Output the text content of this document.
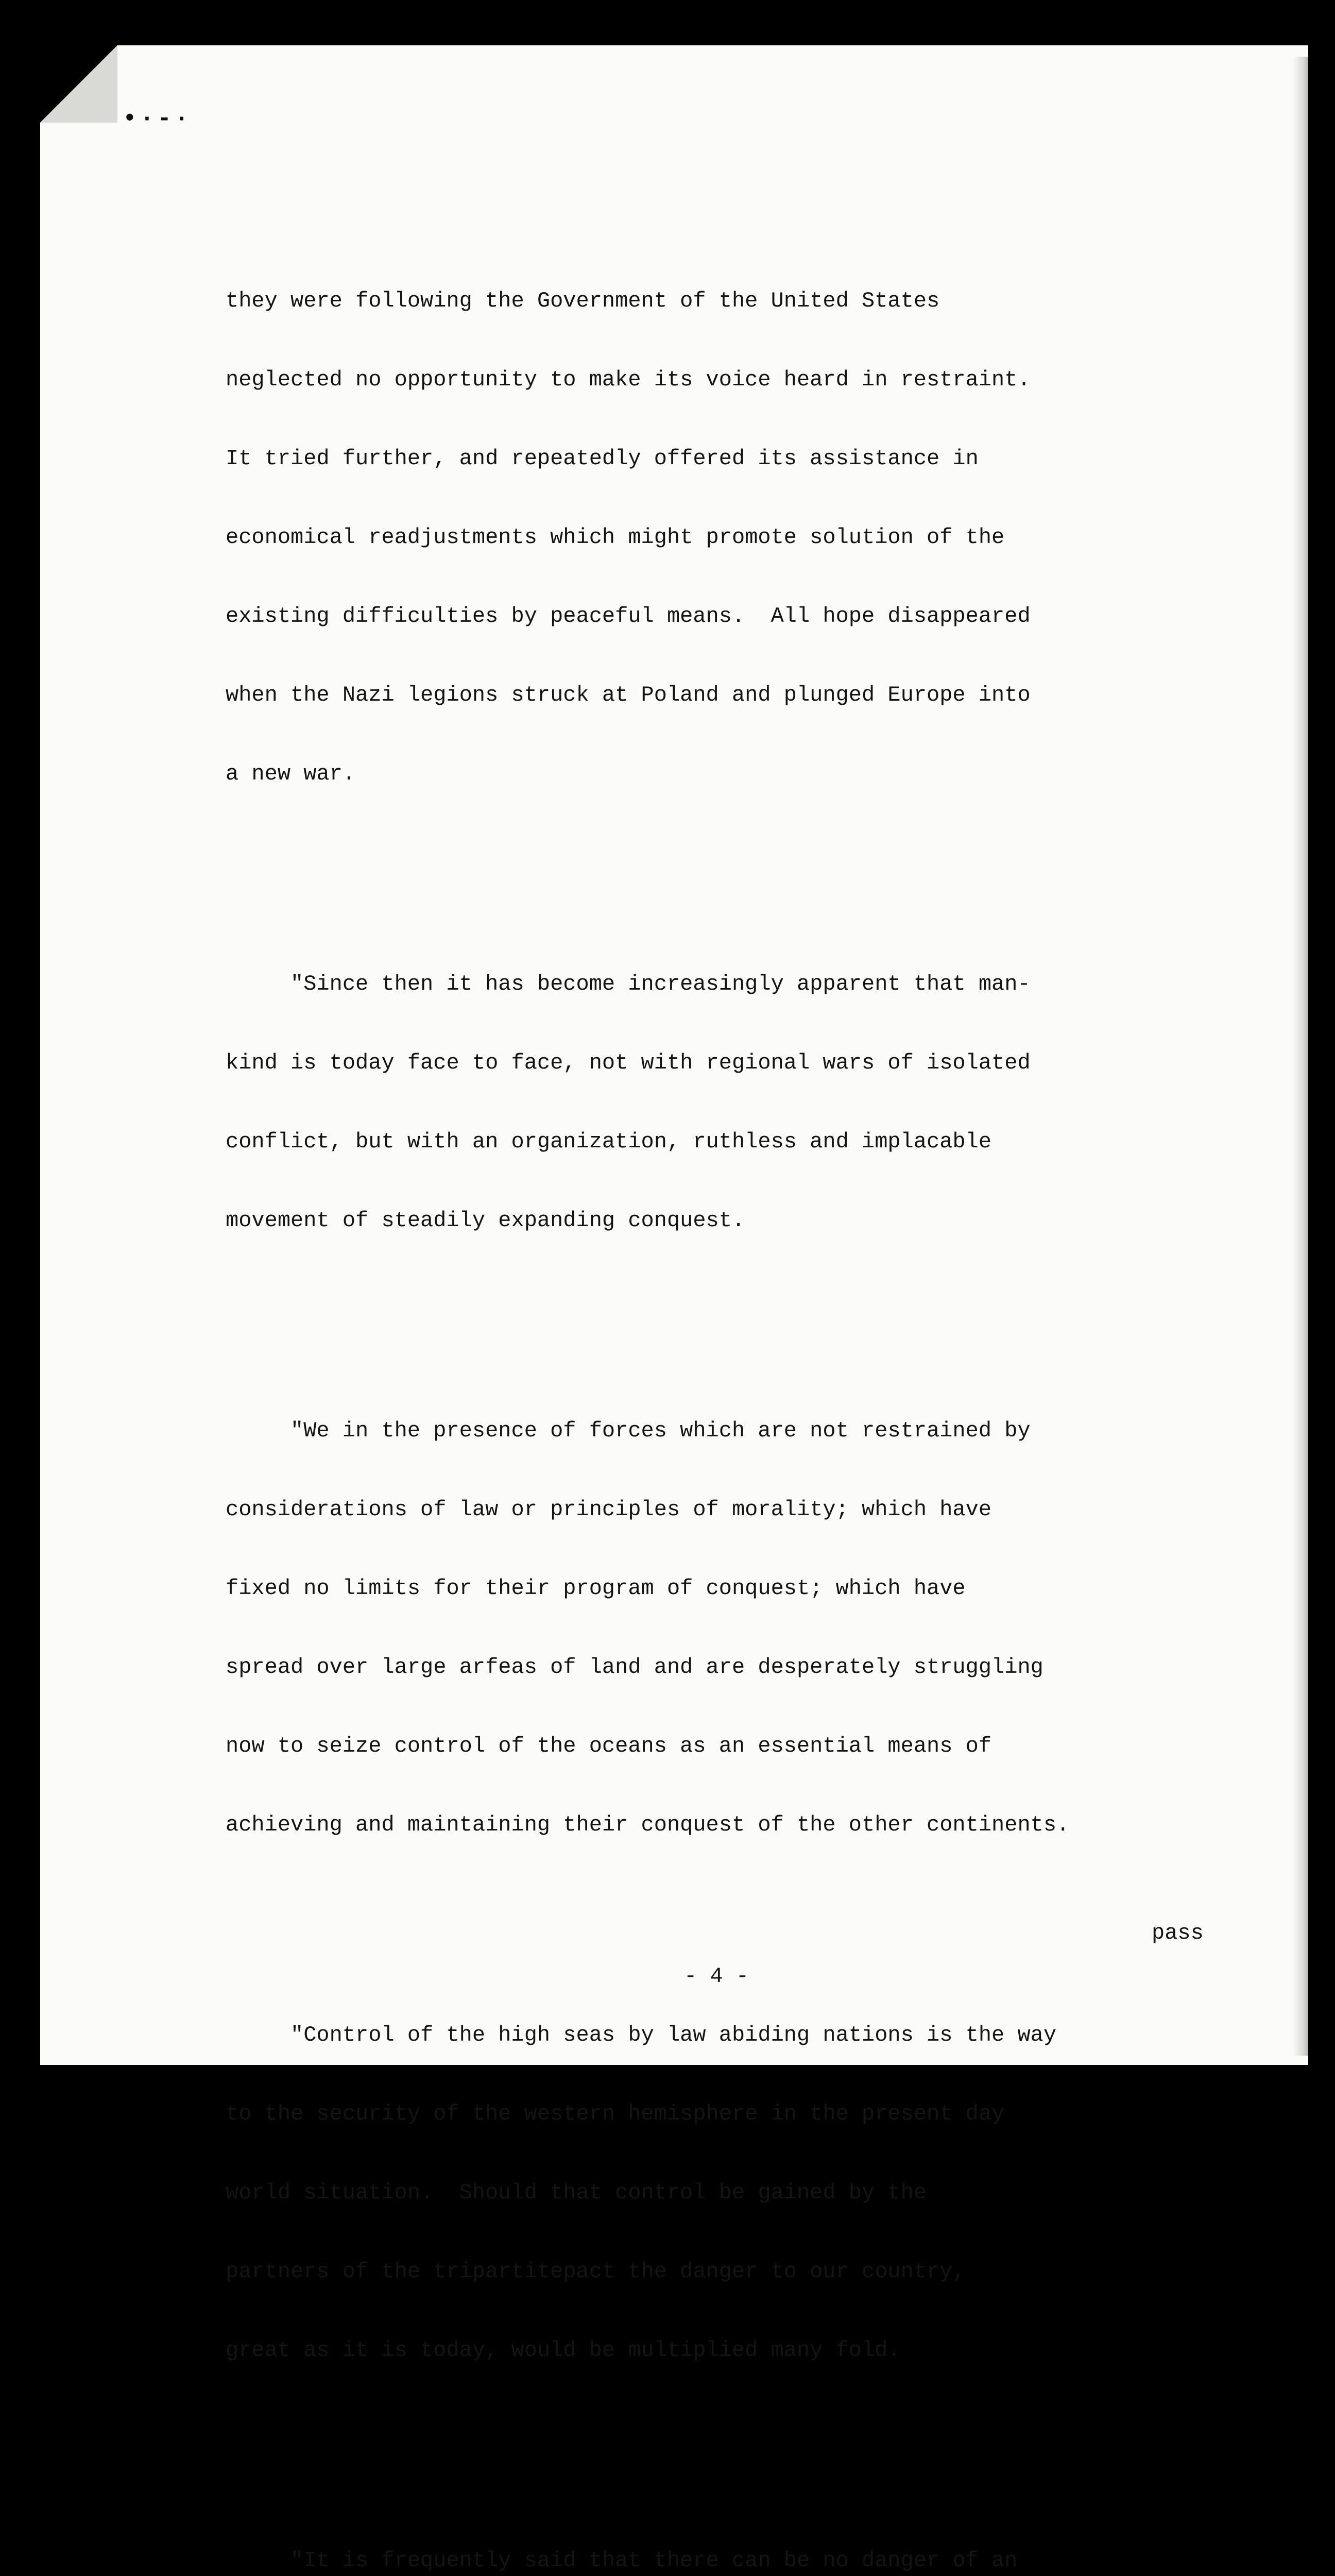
•·-·

they were following the Government of the United States

neglected no opportunity to make its voice heard in restraint.

It tried further, and repeatedly offered its assistance in

economical readjustments which might promote solution of the

existing difficulties by peaceful means.  All hope disappeared

when the Nazi legions struck at Poland and plunged Europe into

a new war.

"Since then it has become increasingly apparent that man-

kind is today face to face, not with regional wars of isolated

conflict, but with an organization, ruthless and implacable

movement of steadily expanding conquest.

"We in the presence of forces which are not restrained by

considerations of law or principles of morality; which have

fixed no limits for their program of conquest; which have

spread over large arfeas of land and are desperately struggling

now to seize control of the oceans as an essential means of

achieving and maintaining their conquest of the other continents.

"Control of the high seas by law abiding nations is the way

to the security of the western hemisphere in the present day

world situation.  Should that control be gained by the

partners of the tripartitepact the danger to our country,

great as it is today, would be multiplied many fold.

"It is frequently said that there can be no danger of an

pass
- 4 -
